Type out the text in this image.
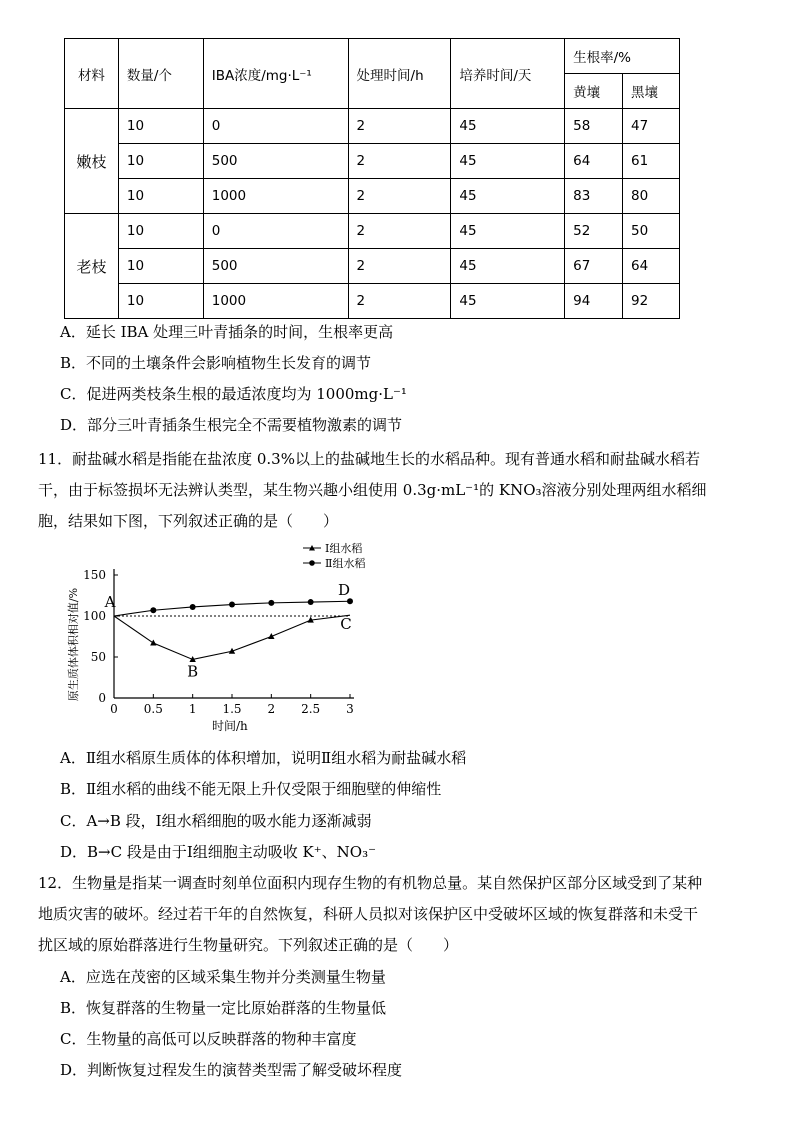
材料	数量/个	IBA浓度/mg·L⁻¹	处理时间/h	培养时间/天	生根率/%	
					黄壤	黑壤
嫩枝	10	0	2	45	58	47
	10	500	2	45	64	61
	10	1000	2	45	83	80
老枝	10	0	2	45	52	50
	10	500	2	45	67	64
	10	1000	2	45	94	92
A．延长 IBA 处理三叶青插条的时间，生根率更高
B．不同的土壤条件会影响植物生长发育的调节
C．促进两类枝条生根的最适浓度均为 1000mg·L⁻¹
D．部分三叶青插条生根完全不需要植物激素的调节
11．耐盐碱水稻是指能在盐浓度 0.3%以上的盐碱地生长的水稻品种。现有普通水稻和耐盐碱水稻若
干，由于标签损坏无法辨认类型，某生物兴趣小组使用 0.3g·mL⁻¹的 KNO₃溶液分别处理两组水稻细
胞，结果如下图，下列叙述正确的是（　　）
0 0.5 1 1.5 2 2.5 3
0
50
100
150
时间/h
原生质体体积相对值/% A
B
C
D
Ⅰ组水稻
Ⅱ组水稻
A．Ⅱ组水稻原生质体的体积增加，说明Ⅱ组水稻为耐盐碱水稻
B．Ⅱ组水稻的曲线不能无限上升仅受限于细胞壁的伸缩性
C．A→B 段，Ⅰ组水稻细胞的吸水能力逐渐减弱
D．B→C 段是由于Ⅰ组细胞主动吸收 K⁺、NO₃⁻
12．生物量是指某一调查时刻单位面积内现存生物的有机物总量。某自然保护区部分区域受到了某种
地质灾害的破坏。经过若干年的自然恢复，科研人员拟对该保护区中受破坏区域的恢复群落和未受干
扰区域的原始群落进行生物量研究。下列叙述正确的是（　　）
A．应选在茂密的区域采集生物并分类测量生物量
B．恢复群落的生物量一定比原始群落的生物量低
C．生物量的高低可以反映群落的物种丰富度
D．判断恢复过程发生的演替类型需了解受破坏程度
